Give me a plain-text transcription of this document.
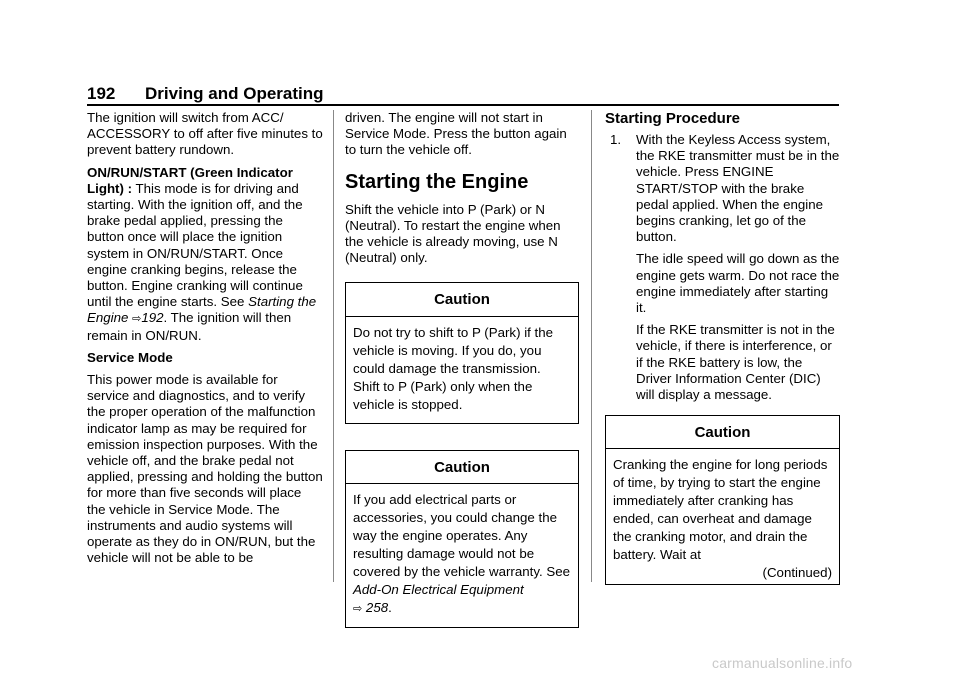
192 Driving and Operating

The ignition will switch from ACC/ ACCESSORY to off after five minutes to prevent battery rundown.

ON/RUN/START (Green Indicator Light) : This mode is for driving and starting. With the ignition off, and the brake pedal applied, pressing the button once will place the ignition system in ON/RUN/START. Once engine cranking begins, release the button. Engine cranking will continue until the engine starts. See Starting the Engine ⇨192. The ignition will then remain in ON/RUN.

Service Mode

This power mode is available for service and diagnostics, and to verify the proper operation of the malfunction indicator lamp as may be required for emission inspection purposes. With the vehicle off, and the brake pedal not applied, pressing and holding the button for more than five seconds will place the vehicle in Service Mode. The instruments and audio systems will operate as they do in ON/RUN, but the vehicle will not be able to be

driven. The engine will not start in Service Mode. Press the button again to turn the vehicle off.

Starting the Engine

Shift the vehicle into P (Park) or N (Neutral). To restart the engine when the vehicle is already moving, use N (Neutral) only.

Caution
Do not try to shift to P (Park) if the vehicle is moving. If you do, you could damage the transmission. Shift to P (Park) only when the vehicle is stopped.
Caution
If you add electrical parts or accessories, you could change the way the engine operates. Any resulting damage would not be covered by the vehicle warranty. See Add-On Electrical Equipment
⇨ 258.
Starting Procedure
1. With the Keyless Access system, the RKE transmitter must be in the vehicle. Press ENGINE START/STOP with the brake pedal applied. When the engine begins cranking, let go of the button.

The idle speed will go down as the engine gets warm. Do not race the engine immediately after starting it.

If the RKE transmitter is not in the vehicle, if there is interference, or if the RKE battery is low, the Driver Information Center (DIC) will display a message.

Caution
Cranking the engine for long periods of time, by trying to start the engine immediately after cranking has ended, can overheat and damage the cranking motor, and drain the battery. Wait at
(Continued)
carmanualsonline.info
